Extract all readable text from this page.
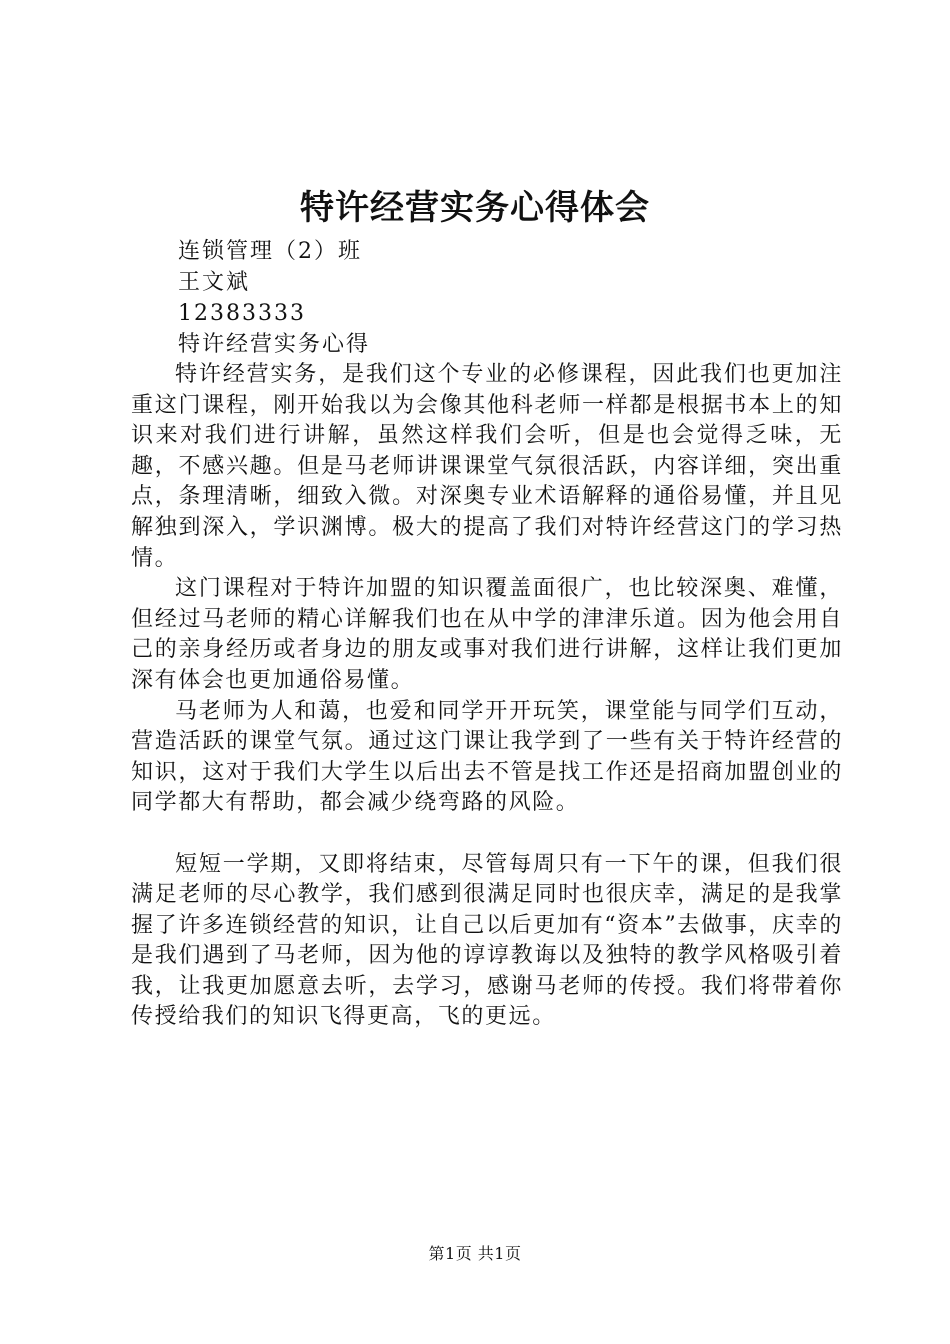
特许经营实务心得体会
连锁管理（2）班
王文斌
12383333
特许经营实务心得

特许经营实务，是我们这个专业的必修课程，因此我们也更加注重这门课程，刚开始我以为会像其他科老师一样都是根据书本上的知识来对我们进行讲解，虽然这样我们会听，但是也会觉得乏味，无趣，不感兴趣。但是马老师讲课课堂气氛很活跃，内容详细，突出重点，条理清晰，细致入微。对深奥专业术语解释的通俗易懂，并且见解独到深入，学识渊博。极大的提高了我们对特许经营这门的学习热情。

这门课程对于特许加盟的知识覆盖面很广，也比较深奥、难懂，但经过马老师的精心详解我们也在从中学的津津乐道。因为他会用自己的亲身经历或者身边的朋友或事对我们进行讲解，这样让我们更加深有体会也更加通俗易懂。

马老师为人和蔼，也爱和同学开开玩笑，课堂能与同学们互动，营造活跃的课堂气氛。通过这门课让我学到了一些有关于特许经营的知识，这对于我们大学生以后出去不管是找工作还是招商加盟创业的同学都大有帮助，都会减少绕弯路的风险。

短短一学期，又即将结束，尽管每周只有一下午的课，但我们很满足老师的尽心教学，我们感到很满足同时也很庆幸，满足的是我掌握了许多连锁经营的知识，让自己以后更加有“资本”去做事，庆幸的是我们遇到了马老师，因为他的谆谆教诲以及独特的教学风格吸引着我，让我更加愿意去听，去学习，感谢马老师的传授。我们将带着你传授给我们的知识飞得更高，飞的更远。

第1页 共1页
